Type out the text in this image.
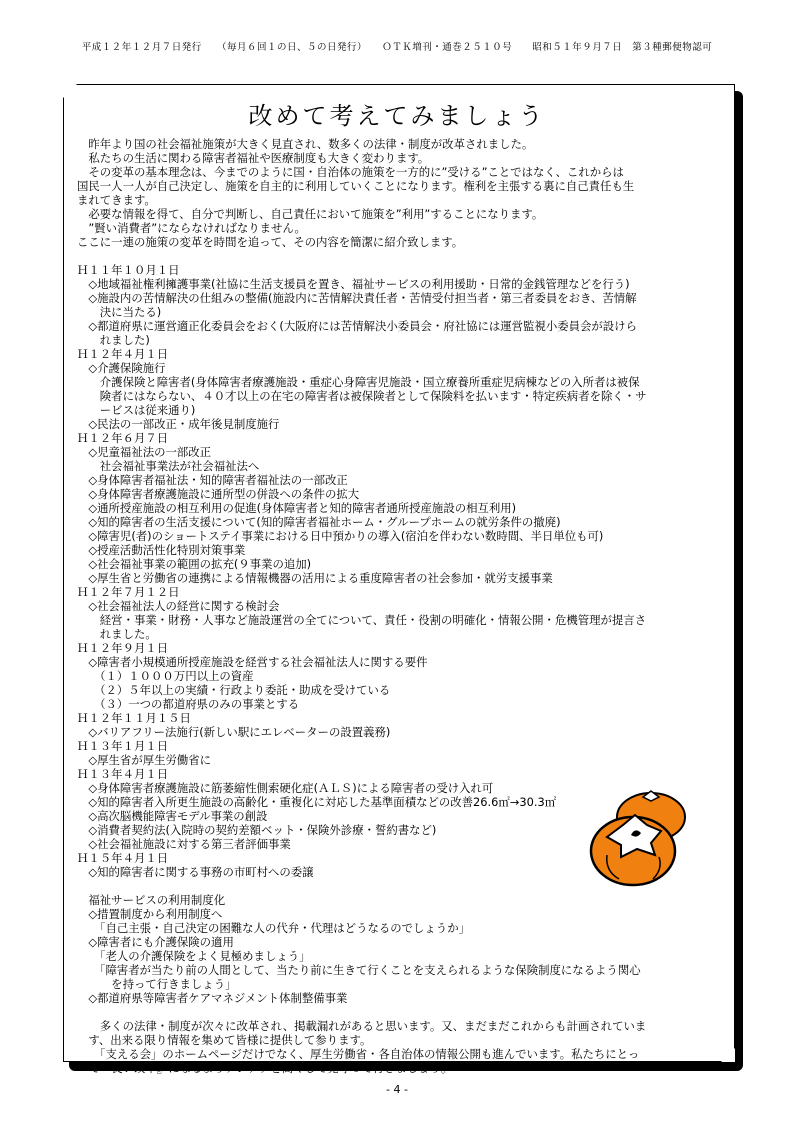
平成１２年１２月７日発行　　（毎月６回１の日、５の日発行）　　ＯＴＫ増刊・通巻２５１０号　　昭和５１年９月７日　第３種郵便物認可
改めて考えてみましょう
　昨年より国の社会福祉施策が大きく見直され、数多くの法律・制度が改革されました。
　私たちの生活に関わる障害者福祉や医療制度も大きく変わります。
　その変革の基本理念は、今までのように国・自治体の施策を一方的に”受ける”ことではなく、これからは
国民一人一人が自己決定し、施策を自主的に利用していくことになります。権利を主張する裏に自己責任も生
まれてきます。
　必要な情報を得て、自分で判断し、自己責任において施策を”利用”することになります。
　”賢い消費者”にならなければなりません。
ここに一連の施策の変革を時間を追って、その内容を簡潔に紹介致します。
Ｈ１１年１０月１日
　◇地域福祉権利擁護事業(社協に生活支援員を置き、福祉サービスの利用援助・日常的金銭管理などを行う)
　◇施設内の苦情解決の仕組みの整備(施設内に苦情解決責任者・苦情受付担当者・第三者委員をおき、苦情解
　　決に当たる)
　◇都道府県に運営適正化委員会をおく(大阪府には苦情解決小委員会・府社協には運営監視小委員会が設けら
　　れました)
Ｈ１２年４月１日
　◇介護保険施行
　　介護保険と障害者(身体障害者療護施設・重症心身障害児施設・国立療養所重症児病棟などの入所者は被保
　　険者にはならない、４０才以上の在宅の障害者は被保険者として保険料を払います・特定疾病者を除く・サ
　　ービスは従来通り)
　◇民法の一部改正・成年後見制度施行
Ｈ１２年６月７日
　◇児童福祉法の一部改正
　　社会福祉事業法が社会福祉法へ
　◇身体障害者福祉法・知的障害者福祉法の一部改正
　◇身体障害者療護施設に通所型の併設への条件の拡大
　◇通所授産施設の相互利用の促進(身体障害者と知的障害者通所授産施設の相互利用)
　◇知的障害者の生活支援について(知的障害者福祉ホーム・グループホームの就労条件の撤廃)
　◇障害児(者)のショートステイ事業における日中預かりの導入(宿泊を伴わない数時間、半日単位も可)
　◇授産活動活性化特別対策事業
　◇社会福祉事業の範囲の拡充(９事業の追加)
　◇厚生省と労働省の連携による情報機器の活用による重度障害者の社会参加・就労支援事業
Ｈ１２年７月１２日
　◇社会福祉法人の経営に関する検討会
　　経営・事業・財務・人事など施設運営の全てについて、責任・役割の明確化・情報公開・危機管理が提言さ
　　れました。
Ｈ１２年９月１日
　◇障害者小規模通所授産施設を経営する社会福祉法人に関する要件
　　（１）１０００万円以上の資産
　　（２）５年以上の実績・行政より委託・助成を受けている
　　（３）一つの都道府県のみの事業とする
Ｈ１２年１１月１５日
　◇バリアフリー法施行(新しい駅にエレベーターの設置義務)
Ｈ１３年１月１日
　◇厚生省が厚生労働省に
Ｈ１３年４月１日
　◇身体障害者療護施設に筋萎縮性側索硬化症(ＡＬＳ)による障害者の受け入れ可
　◇知的障害者入所更生施設の高齢化・重複化に対応した基準面積などの改善26.6㎡→30.3㎡
　◇高次脳機能障害モデル事業の創設
　◇消費者契約法(入院時の契約差額ベット・保険外診療・誓約書など)
　◇社会福祉施設に対する第三者評価事業
Ｈ１５年４月１日
　◇知的障害者に関する事務の市町村への委譲
　福祉サービスの利用制度化
　◇措置制度から利用制度へ
　　「自己主張・自己決定の困難な人の代弁・代理はどうなるのでしょうか」
　◇障害者にも介護保険の適用
　　「老人の介護保険をよく見極めましょう」
　　「障害者が当たり前の人間として、当たり前に生きて行くことを支えられるような保険制度になるよう関心
　　　を持って行きましょう」
　◇都道府県等障害者ケアマネジメント体制整備事業
　　多くの法律・制度が次々に改革され、掲載漏れがあると思います。又、まだまだこれからも計画されていま
　す、出来る限り情報を集めて皆様に提供して参ります。
　　「支える会」のホームページだけでなく、厚生労働省・各自治体の情報公開も進んでいます。私たちにとっ
　て『良い改革』になるようアンテナを高くして見守って行きましょう。
- 4 -
